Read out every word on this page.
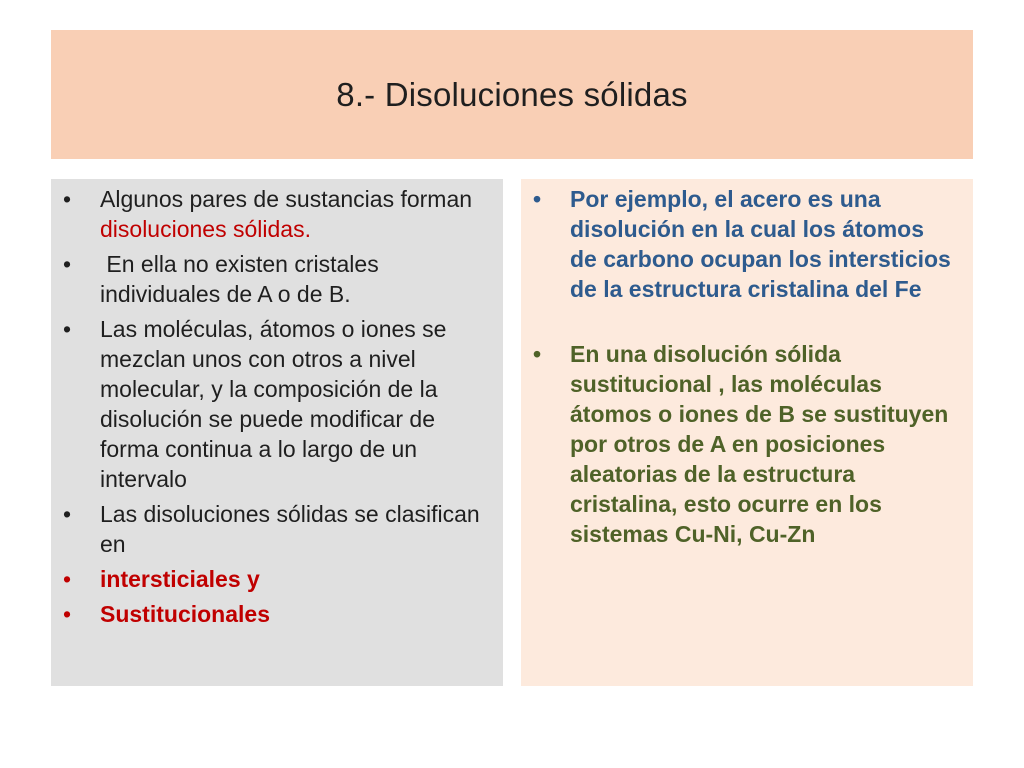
8.- Disoluciones sólidas
•	Algunos pares de sustancias forman disoluciones sólidas.
•	En ella no existen cristales individuales de A o de B.
•	Las moléculas, átomos o iones se mezclan unos con otros a nivel molecular, y la composición de la disolución se puede modificar de forma continua a lo largo de un intervalo
•	Las disoluciones sólidas se clasifican en
•	intersticiales y
•	Sustitucionales
•	Por ejemplo, el acero es una disolución en la cual los átomos de carbono ocupan los intersticios de la estructura cristalina del Fe
•	En una disolución sólida sustitucional , las moléculas átomos o iones de B se sustituyen por otros de A en posiciones aleatorias de la estructura cristalina, esto ocurre en los sistemas Cu-Ni, Cu-Zn
